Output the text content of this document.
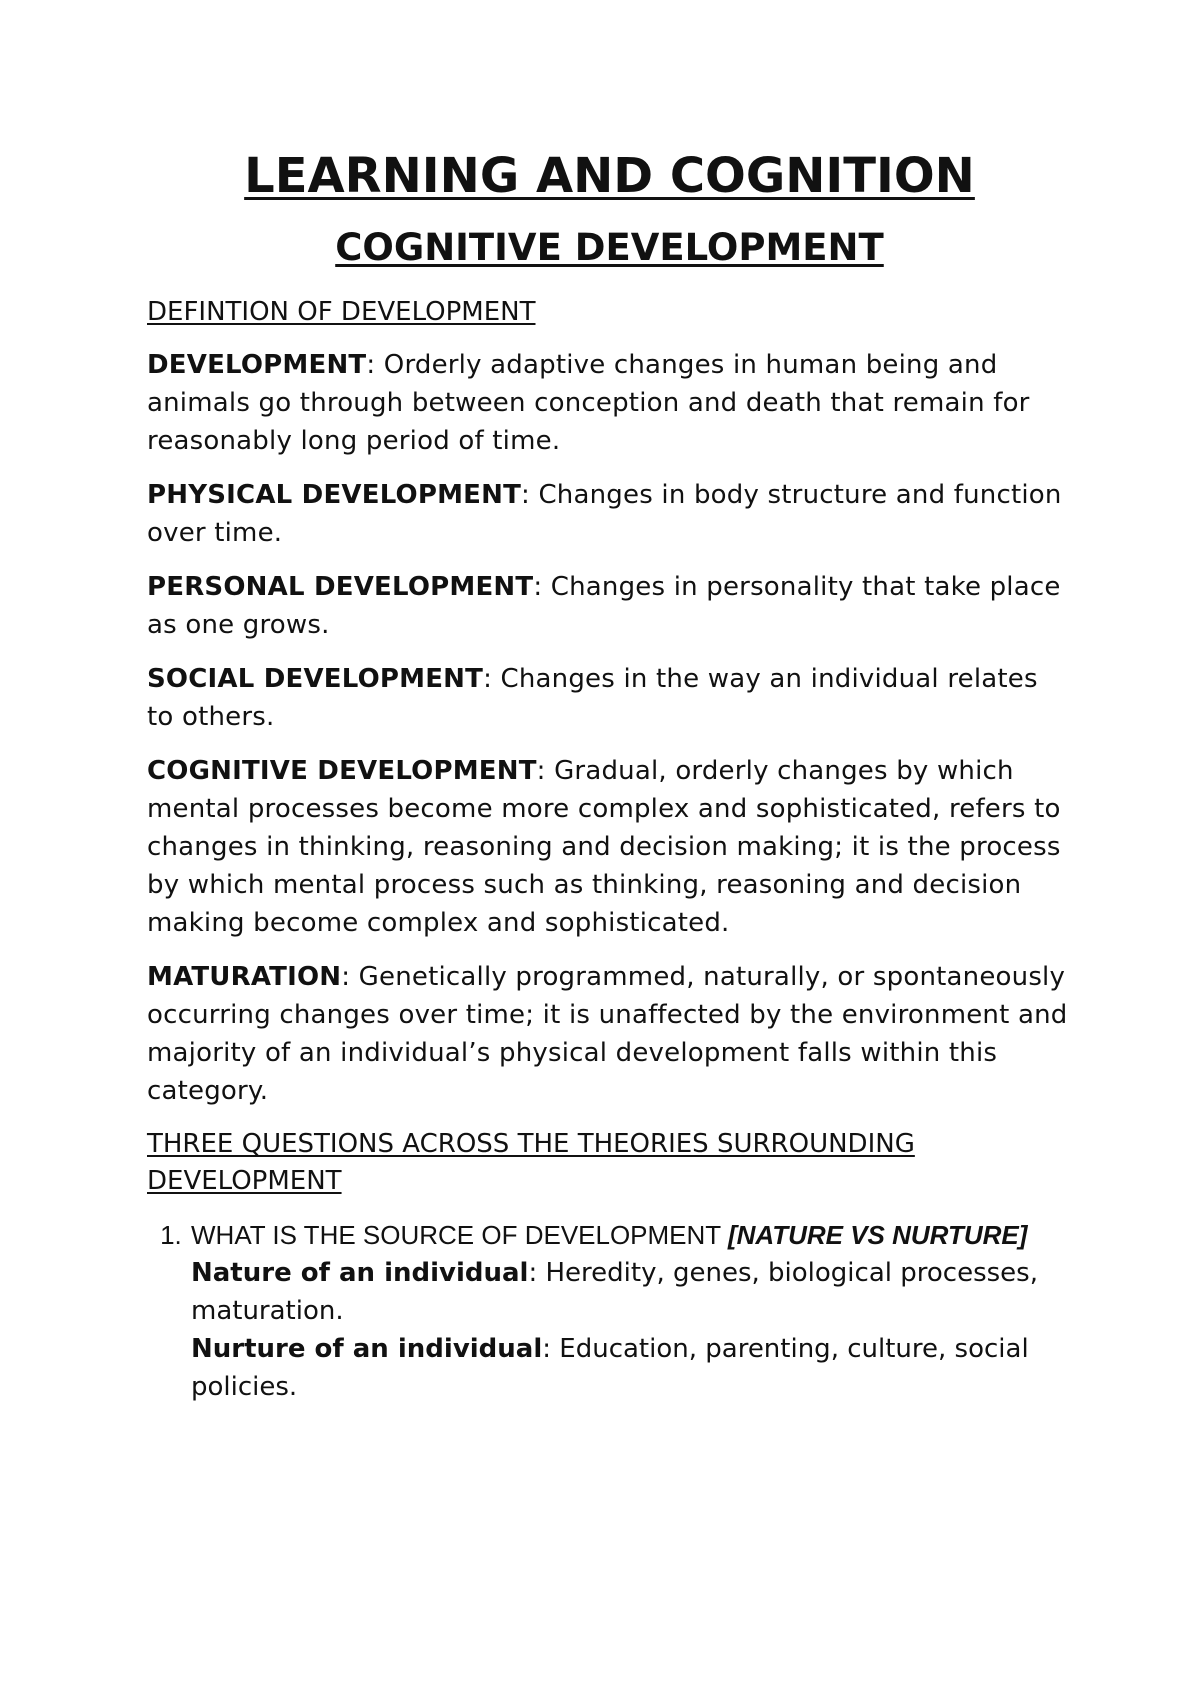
LEARNING AND COGNITION
COGNITIVE DEVELOPMENT
DEFINTION OF DEVELOPMENT

DEVELOPMENT: Orderly adaptive changes in human being and animals go through between conception and death that remain for reasonably long period of time.

PHYSICAL DEVELOPMENT: Changes in body structure and function over time.

PERSONAL DEVELOPMENT: Changes in personality that take place as one grows.

SOCIAL DEVELOPMENT: Changes in the way an individual relates to others.

COGNITIVE DEVELOPMENT: Gradual, orderly changes by which mental processes become more complex and sophisticated, refers to changes in thinking, reasoning and decision making; it is the process by which mental process such as thinking, reasoning and decision making become complex and sophisticated.

MATURATION: Genetically programmed, naturally, or spontaneously occurring changes over time; it is unaffected by the environment and majority of an individual’s physical development falls within this category.

THREE QUESTIONS ACROSS THE THEORIES SURROUNDING DEVELOPMENT
1. WHAT IS THE SOURCE OF DEVELOPMENT [NATURE VS NURTURE]
Nature of an individual: Heredity, genes, biological processes, maturation.
Nurture of an individual: Education, parenting, culture, social policies.
